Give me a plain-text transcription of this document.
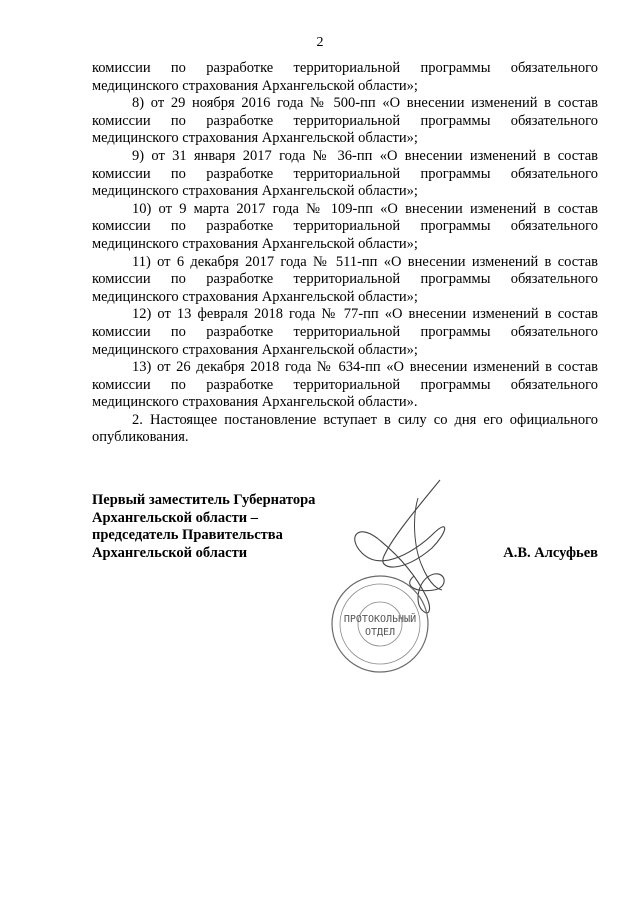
2

комиссии по разработке территориальной программы обязательного медицинского страхования Архангельской области»;

8) от 29 ноября 2016 года № 500-пп «О внесении изменений в состав комиссии по разработке территориальной программы обязательного медицинского страхования Архангельской области»;

9) от 31 января 2017 года № 36-пп «О внесении изменений в состав комиссии по разработке территориальной программы обязательного медицинского страхования Архангельской области»;

10) от 9 марта 2017 года № 109-пп «О внесении изменений в состав комиссии по разработке территориальной программы обязательного медицинского страхования Архангельской области»;

11) от 6 декабря 2017 года № 511-пп «О внесении изменений в состав комиссии по разработке территориальной программы обязательного медицинского страхования Архангельской области»;

12) от 13 февраля 2018 года № 77-пп «О внесении изменений в состав комиссии по разработке территориальной программы обязательного медицинского страхования Архангельской области»;

13) от 26 декабря 2018 года № 634-пп «О внесении изменений в состав комиссии по разработке территориальной программы обязательного медицинского страхования Архангельской области».

2. Настоящее постановление вступает в силу со дня его официального опубликования.

Первый заместитель Губернатора

Архангельской области –

председатель Правительства

Архангельской области	А.В. Алсуфьев
ПРОТОКОЛЬНЫЙ
ОТДЕЛ
